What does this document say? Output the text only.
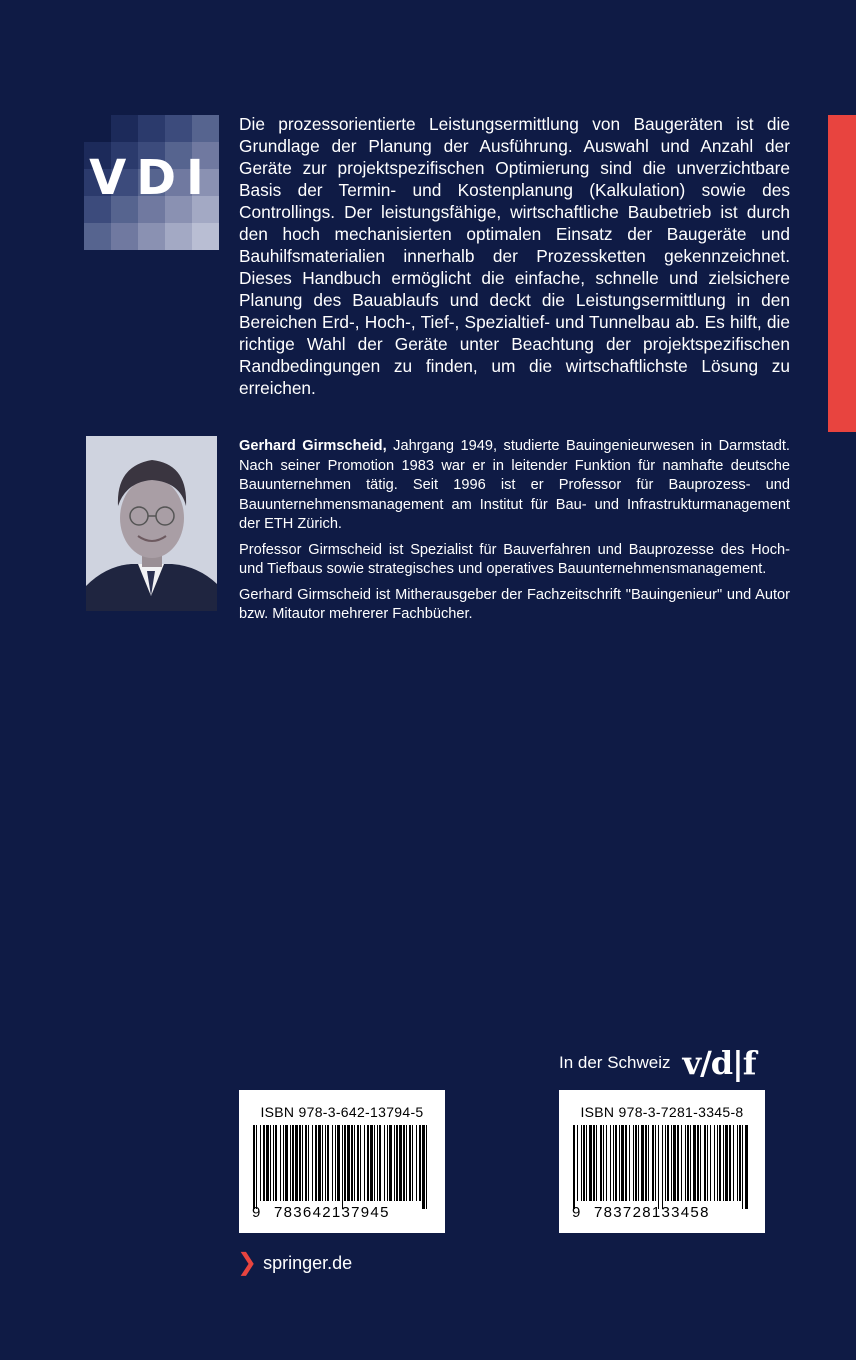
VDI

Die prozessorientierte Leistungsermittlung von Baugeräten ist die Grundlage der Planung der Ausführung. Auswahl und Anzahl der Geräte zur projektspezifischen Optimierung sind die unverzichtbare Basis der Termin- und Kostenplanung (Kalkulation) sowie des Controllings. Der leistungsfähige, wirtschaftliche Baubetrieb ist durch den hoch mechanisierten optimalen Einsatz der Baugeräte und Bauhilfsmaterialien innerhalb der Prozessketten gekennzeichnet. Dieses Handbuch ermöglicht die einfache, schnelle und zielsichere Planung des Bauablaufs und deckt die Leistungsermittlung in den Bereichen Erd-, Hoch-, Tief-, Spezialtief- und Tunnelbau ab. Es hilft, die richtige Wahl der Geräte unter Beachtung der projektspezifischen Randbedingungen zu finden, um die wirtschaftlichste Lösung zu erreichen.

Gerhard Girmscheid, Jahrgang 1949, studierte Bauingenieurwesen in Darmstadt. Nach seiner Promotion 1983 war er in leitender Funktion für namhafte deutsche Bauunternehmen tätig. Seit 1996 ist er Professor für Bauprozess- und Bauunternehmensmanagement am Institut für Bau- und Infrastrukturmanagement der ETH Zürich.

Professor Girmscheid ist Spezialist für Bauverfahren und Bauprozesse des Hoch- und Tiefbaus sowie strategisches und operatives Bauunternehmensmanagement.

Gerhard Girmscheid ist Mitherausgeber der Fachzeitschrift "Bauingenieur" und Autor bzw. Mitautor mehrerer Fachbücher.

In der Schweiz v/d|f
ISBN 978-3-642-13794-5
9 783642137945
ISBN 978-3-7281-3345-8
9 783728133458
❯ springer.de
